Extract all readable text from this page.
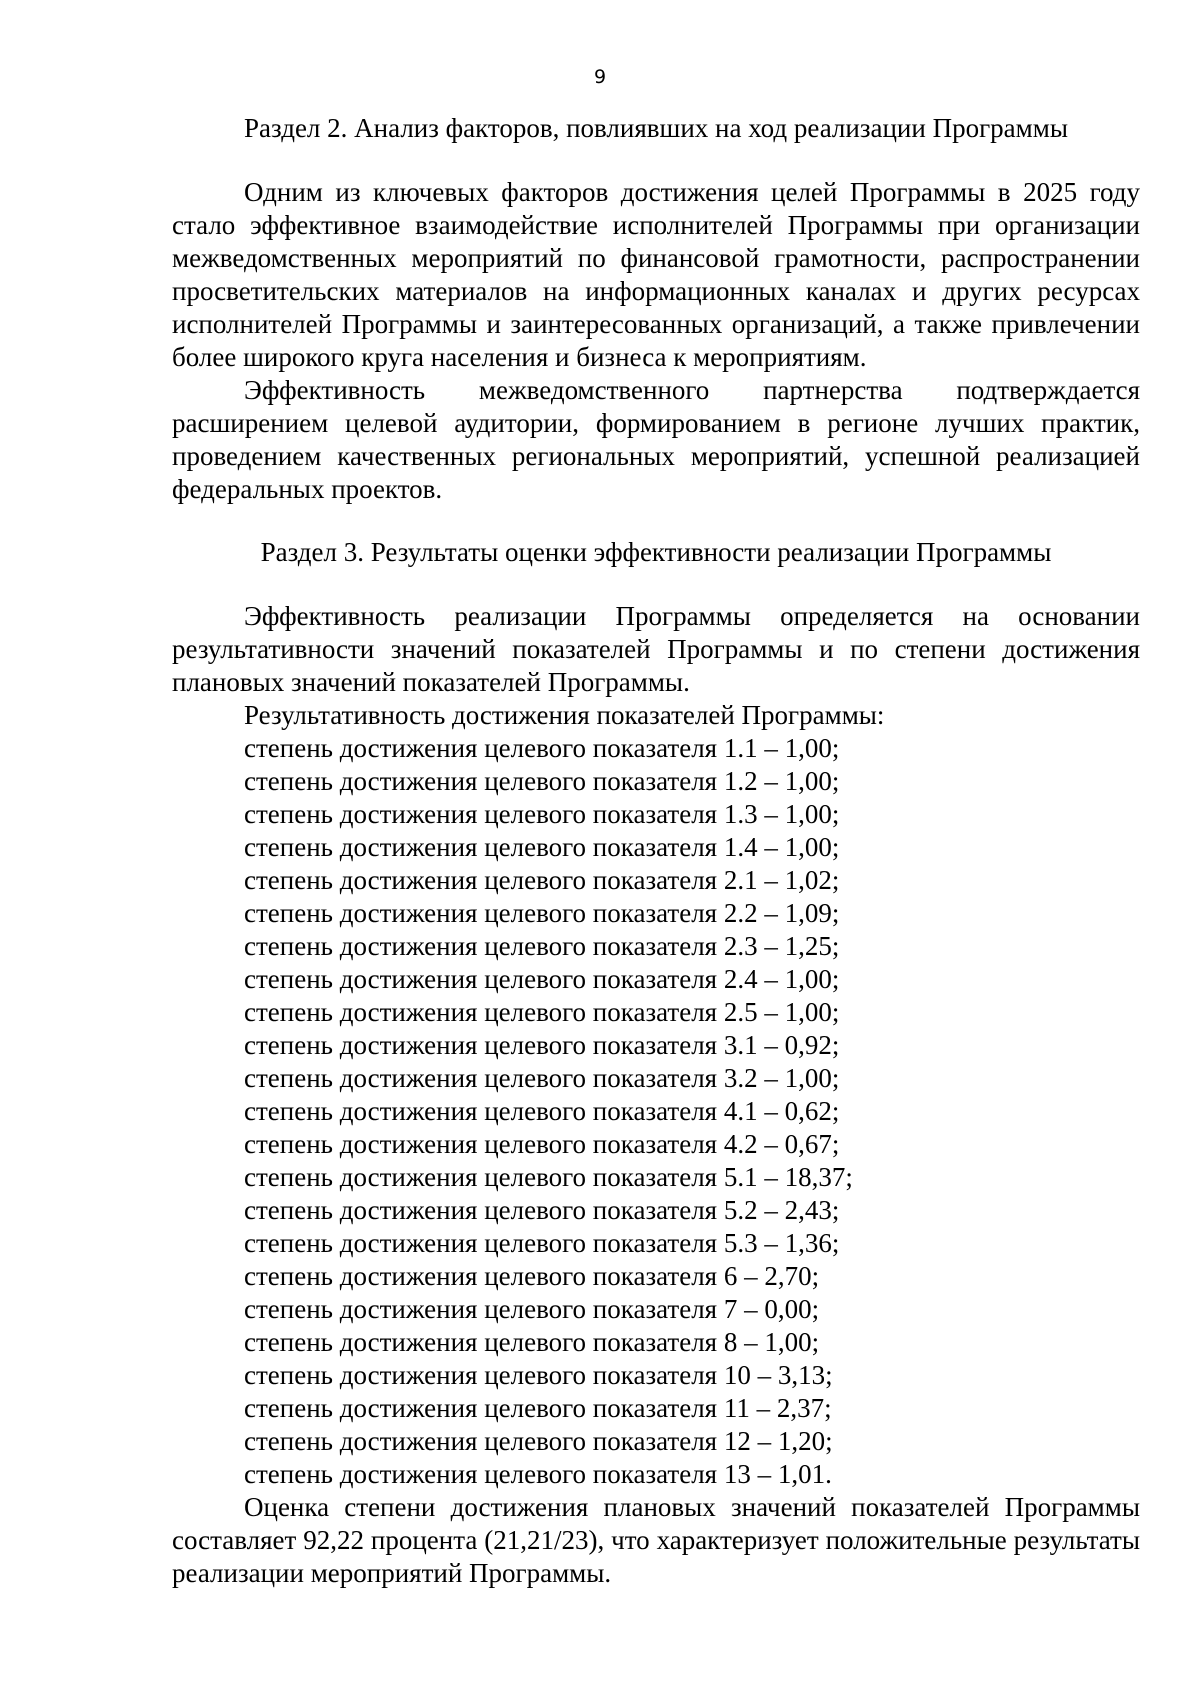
9
Раздел 2. Анализ факторов, повлиявших на ход реализации Программы

Одним из ключевых факторов достижения целей Программы в 2025 году стало эффективное взаимодействие исполнителей Программы при организации межведомственных мероприятий по финансовой грамотности, распространении просветительских материалов на информационных каналах и других ресурсах исполнителей Программы и заинтересованных организаций, а также привлечении более широкого круга населения и бизнеса к мероприятиям.

Эффективность межведомственного партнерства подтверждается расширением целевой аудитории, формированием в регионе лучших практик, проведением качественных региональных мероприятий, успешной реализацией федеральных проектов.

Раздел 3. Результаты оценки эффективности реализации Программы

Эффективность реализации Программы определяется на основании результативности значений показателей Программы и по степени достижения плановых значений показателей Программы.

Результативность достижения показателей Программы:

степень достижения целевого показателя 1.1 – 1,00;

степень достижения целевого показателя 1.2 – 1,00;

степень достижения целевого показателя 1.3 – 1,00;

степень достижения целевого показателя 1.4 – 1,00;

степень достижения целевого показателя 2.1 – 1,02;

степень достижения целевого показателя 2.2 – 1,09;

степень достижения целевого показателя 2.3 – 1,25;

степень достижения целевого показателя 2.4 – 1,00;

степень достижения целевого показателя 2.5 – 1,00;

степень достижения целевого показателя 3.1 – 0,92;

степень достижения целевого показателя 3.2 – 1,00;

степень достижения целевого показателя 4.1 – 0,62;

степень достижения целевого показателя 4.2 – 0,67;

степень достижения целевого показателя 5.1 – 18,37;

степень достижения целевого показателя 5.2 – 2,43;

степень достижения целевого показателя 5.3 – 1,36;

степень достижения целевого показателя 6 – 2,70;

степень достижения целевого показателя 7 – 0,00;

степень достижения целевого показателя 8 – 1,00;

степень достижения целевого показателя 10 – 3,13;

степень достижения целевого показателя 11 – 2,37;

степень достижения целевого показателя 12 – 1,20;

степень достижения целевого показателя 13 – 1,01.

Оценка степени достижения плановых значений показателей Программы составляет 92,22 процента (21,21/23), что характеризует положительные результаты реализации мероприятий Программы.
